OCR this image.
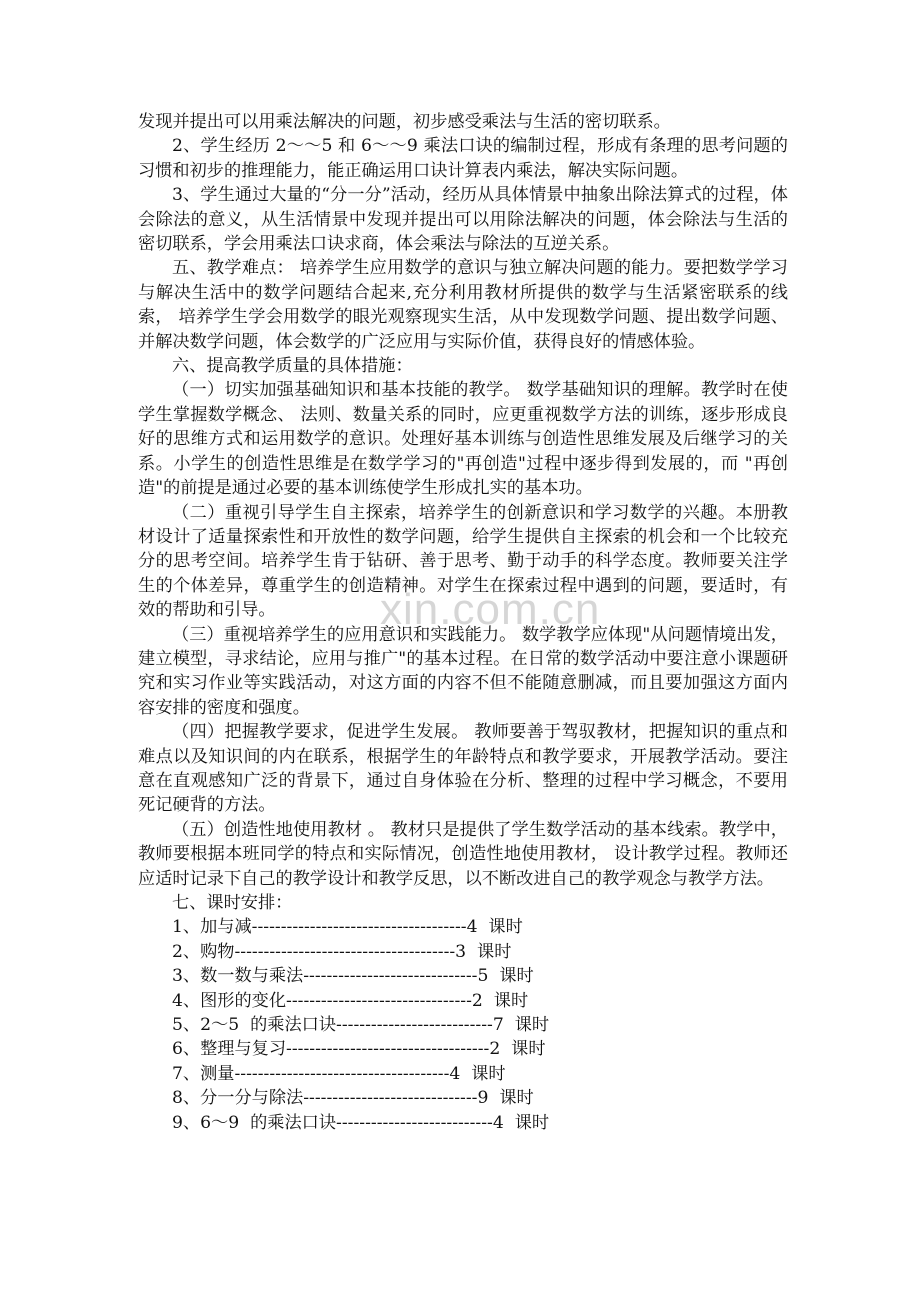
发现并提出可以用乘法解决的问题，初步感受乘法与生活的密切联系。

2、学生经历 2～～5 和 6～～9 乘法口诀的编制过程，形成有条理的思考问题的习惯和初步的推理能力，能正确运用口诀计算表内乘法，解决实际问题。

3、学生通过大量的“分一分”活动，经历从具体情景中抽象出除法算式的过程，体会除法的意义，从生活情景中发现并提出可以用除法解决的问题，体会除法与生活的密切联系，学会用乘法口诀求商，体会乘法与除法的互逆关系。

五、教学难点： 培养学生应用数学的意识与独立解决问题的能力。要把数学学习与解决生活中的数学问题结合起来,充分利用教材所提供的数学与生活紧密联系的线索， 培养学生学会用数学的眼光观察现实生活，从中发现数学问题、提出数学问题、并解决数学问题，体会数学的广泛应用与实际价值，获得良好的情感体验。

六、提高教学质量的具体措施：

（一）切实加强基础知识和基本技能的教学。 数学基础知识的理解。教学时在使学生掌握数学概念、 法则、数量关系的同时，应更重视数学方法的训练，逐步形成良好的思维方式和运用数学的意识。处理好基本训练与创造性思维发展及后继学习的关系。小学生的创造性思维是在数学学习的"再创造"过程中逐步得到发展的，而 "再创造"的前提是通过必要的基本训练使学生形成扎实的基本功。

（二）重视引导学生自主探索，培养学生的创新意识和学习数学的兴趣。本册教材设计了适量探索性和开放性的数学问题，给学生提供自主探索的机会和一个比较充分的思考空间。培养学生肯于钻研、善于思考、勤于动手的科学态度。教师要关注学生的个体差异，尊重学生的创造精神。对学生在探索过程中遇到的问题，要适时，有效的帮助和引导。

（三）重视培养学生的应用意识和实践能力。 数学教学应体现"从问题情境出发，建立模型，寻求结论，应用与推广"的基本过程。在日常的数学活动中要注意小课题研究和实习作业等实践活动，对这方面的内容不但不能随意删减，而且要加强这方面内容安排的密度和强度。

（四）把握教学要求，促进学生发展。 教师要善于驾驭教材，把握知识的重点和难点以及知识间的内在联系，根据学生的年龄特点和教学要求，开展教学活动。要注意在直观感知广泛的背景下，通过自身体验在分析、整理的过程中学习概念，不要用死记硬背的方法。

（五）创造性地使用教材 。 教材只是提供了学生数学活动的基本线索。教学中，教师要根据本班同学的特点和实际情况，创造性地使用教材， 设计教学过程。教师还应适时记录下自己的教学设计和教学反思，以不断改进自己的教学观念与教学方法。

七、课时安排：

1、加与减-------------------------------------4  课时

2、购物--------------------------------------3  课时

3、数一数与乘法------------------------------5  课时

4、图形的变化--------------------------------2  课时

5、2～5  的乘法口诀---------------------------7  课时

6、整理与复习-----------------------------------2  课时

7、测量-------------------------------------4  课时

8、分一分与除法------------------------------9  课时

9、6～9  的乘法口诀---------------------------4  课时

xin.com.cn
